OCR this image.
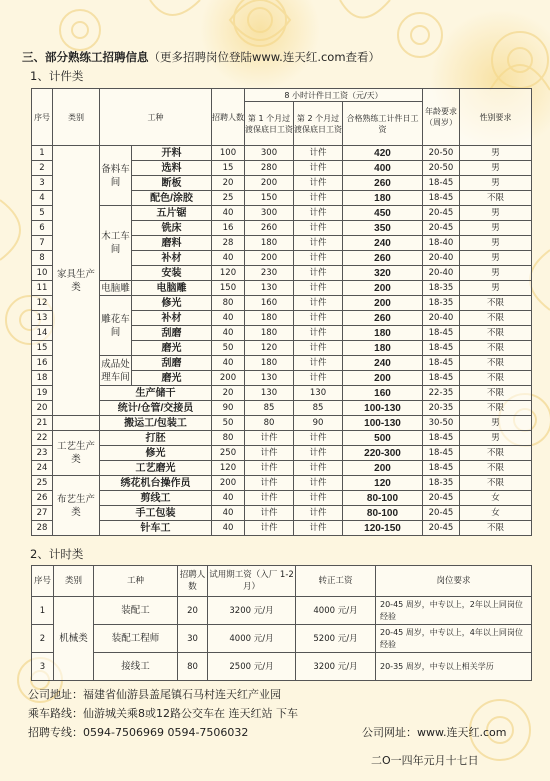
三、部分熟练工招聘信息（更多招聘岗位登陆www.连天红.com查看）
1、计件类
序号	类别	工种		招聘人数	8 小时计件日工资（元/天）			年龄要求（周岁）	性别要求
					第 1 个月过渡保底日工资	第 2 个月过渡保底日工资	合格熟练工计件日工资		
1	家具生产类	备料车间	开料	100	300	计件	420	20-50	男
2			选料	15	280	计件	400	20-50	男
3			断板	20	200	计件	260	18-45	男
4			配色/涂胶	25	150	计件	180	18-45	不限
5		木工车间	五片锯	40	300	计件	450	20-45	男
6			铣床	16	260	计件	350	20-45	男
7			磨料	28	180	计件	240	18-40	男
8			补材	40	200	计件	260	20-40	男
10			安装	120	230	计件	320	20-40	男
11		电脑雕	电脑雕	150	130	计件	200	18-35	男
12		雕花车间	修光	80	160	计件	200	18-35	不限
13			补材	40	180	计件	260	20-40	不限
14			刮磨	40	180	计件	180	18-45	不限
15			磨光	50	120	计件	180	18-45	不限
16		成品处理车间	刮磨	40	180	计件	240	18-45	不限
18			磨光	200	130	计件	200	18-45	不限
19		生产储干		20	130	130	160	22-35	不限
20		统计/仓管/交接员		90	85	85	100-130	20-35	不限
21		搬运工/包装工		50	80	90	100-130	30-50	男
22	工艺生产类	打胚		80	计件	计件	500	18-45	男
23		修光		250	计件	计件	220-300	18-45	不限
24		工艺磨光		120	计件	计件	200	18-45	不限
25	布艺生产类	绣花机台操作员		200	计件	计件	120	18-35	不限
26		剪线工		40	计件	计件	80-100	20-45	女
27		手工包装		40	计件	计件	80-100	20-45	女
28		针车工		40	计件	计件	120-150	20-45	不限
2、计时类
序号	类别	工种	招聘人数	试用期工资（入厂 1-2 月）	转正工资	岗位要求
1	机械类	装配工	20	3200 元/月	4000 元/月	20-45 周岁，中专以上，2年以上同岗位经验
2		装配工程师	30	4000 元/月	5200 元/月	20-45 周岁，中专以上，4年以上同岗位经验
3		接线工	80	2500 元/月	3200 元/月	20-35 周岁，中专以上相关学历
公司地址：福建省仙游县盖尾镇石马村连天红产业园
乘车路线：仙游城关乘8或12路公交车在 连天红站 下车
招聘专线：0594-7506969 0594-7506032	公司网址：www.连天红.com
二O一四年元月十七日
